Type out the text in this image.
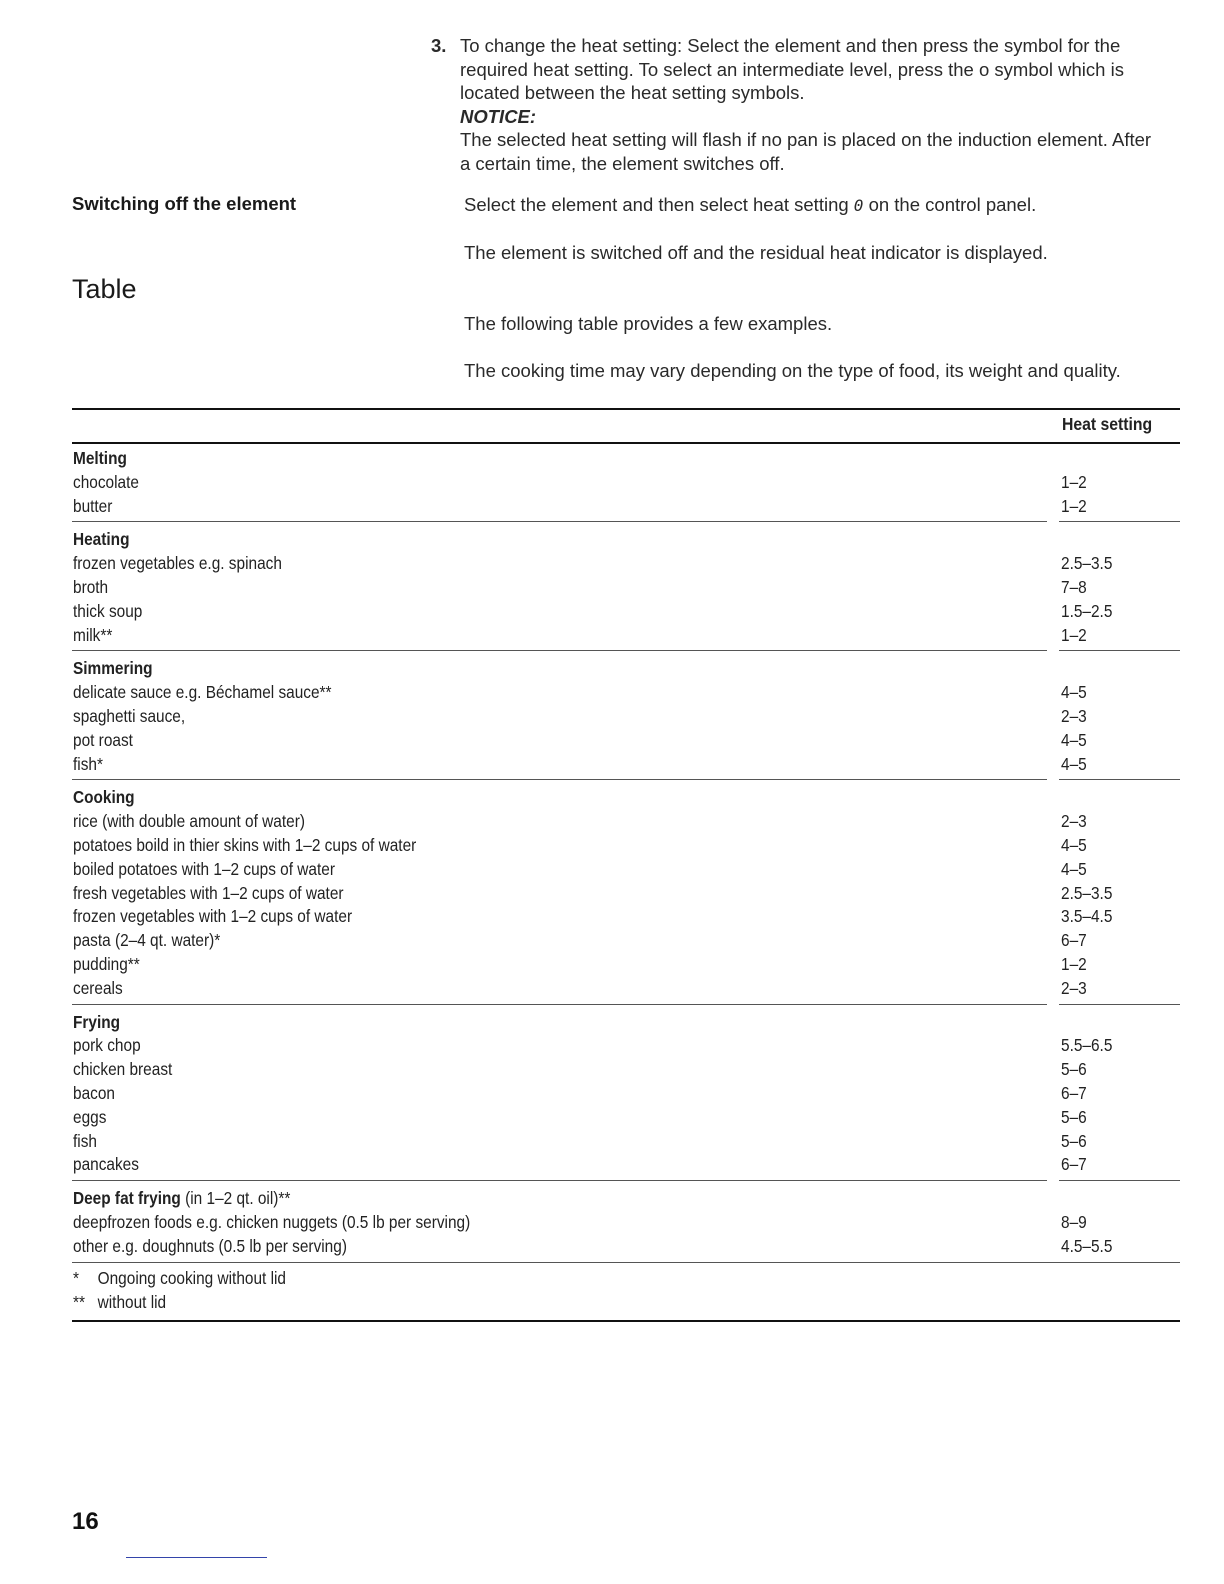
3. To change the heat setting: Select the element and then press the symbol for the
required heat setting. To select an intermediate level, press the o symbol which is
located between the heat setting symbols.
NOTICE:
The selected heat setting will flash if no pan is placed on the induction element. After
a certain time, the element switches off.
Switching off the element	Select the element and then select heat setting 0 on the control panel.
The element is switched off and the residual heat indicator is displayed.
Table
The following table provides a few examples.
The cooking time may vary depending on the type of food, its weight and quality.
Heat setting
Melting
chocolate	1–2
butter	1–2
Heating
frozen vegetables e.g. spinach	2.5–3.5
broth	7–8
thick soup	1.5–2.5
milk**	1–2
Simmering
delicate sauce e.g. Béchamel sauce**	4–5
spaghetti sauce,	2–3
pot roast	4–5
fish*	4–5
Cooking
rice (with double amount of water)	2–3
potatoes boild in thier skins with 1–2 cups of water	4–5
boiled potatoes with 1–2 cups of water	4–5
fresh vegetables with 1–2 cups of water	2.5–3.5
frozen vegetables with 1–2 cups of water	3.5–4.5
pasta (2–4 qt. water)*	6–7
pudding**	1–2
cereals	2–3
Frying
pork chop	5.5–6.5
chicken breast	5–6
bacon	6–7
eggs	5–6
fish	5–6
pancakes	6–7
Deep fat frying (in 1–2 qt. oil)**
deepfrozen foods e.g. chicken nuggets (0.5 lb per serving)	8–9
other e.g. doughnuts (0.5 lb per serving)	4.5–5.5
* Ongoing cooking without lid
** without lid
16
